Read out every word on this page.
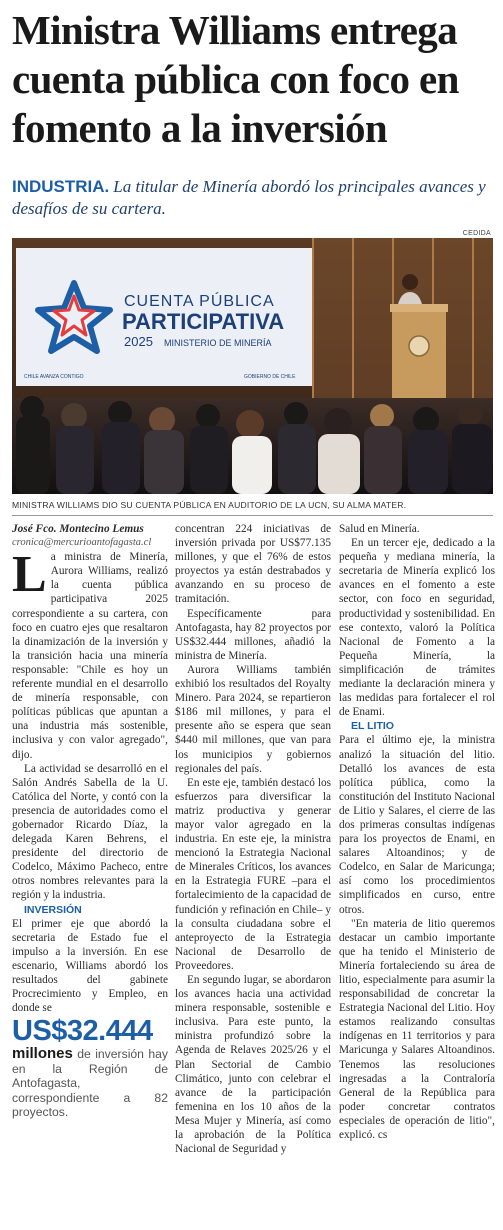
Ministra Williams entrega cuenta pública con foco en fomento a la inversión

INDUSTRIA. La titular de Minería abordó los principales avances y desafíos de su cartera.

CEDIDA
CUENTA PÚBLICA
PARTICIPATIVA
2025 MINISTERIO DE MINERÍA
CHILE AVANZA CONTIGO	GOBIERNO DE CHILE

MINISTRA WILLIAMS DIO SU CUENTA PÚBLICA EN AUDITORIO DE LA UCN, SU ALMA MATER.

José Fco. Montecino Lemus

cronica@mercurioantofagasta.cl

La ministra de Minería, Aurora Williams, realizó la cuenta pública participativa 2025 correspondiente a su cartera, con foco en cuatro ejes que resaltaron la dinamización de la inversión y la transición hacia una minería responsable: "Chile es hoy un referente mundial en el desarrollo de minería responsable, con políticas públicas que apuntan a una industria más sostenible, inclusiva y con valor agregado", dijo.

La actividad se desarrolló en el Salón Andrés Sabella de la U. Católica del Norte, y contó con la presencia de autoridades como el gobernador Ricardo Díaz, la delegada Karen Behrens, el presidente del directorio de Codelco, Máximo Pacheco, entre otros nombres relevantes para la región y la industria.

INVERSIÓN

El primer eje que abordó la secretaria de Estado fue el impulso a la inversión. En ese escenario, Williams abordó los resultados del gabinete Procrecimiento y Empleo, en donde se

US$32.444

millones de inversión hay en la Región de Antofagasta, correspondiente a 82 proyectos.

concentran 224 iniciativas de inversión privada por US$77.135 millones, y que el 76% de estos proyectos ya están destrabados y avanzando en su proceso de tramitación.

Específicamente para Antofagasta, hay 82 proyectos por US$32.444 millones, añadió la ministra de Minería.

Aurora Williams también exhibió los resultados del Royalty Minero. Para 2024, se repartieron $186 mil millones, y para el presente año se espera que sean $440 mil millones, que van para los municipios y gobiernos regionales del país.

En este eje, también destacó los esfuerzos para diversificar la matriz productiva y generar mayor valor agregado en la industria. En este eje, la ministra mencionó la Estrategia Nacional de Minerales Críticos, los avances en la Estrategia FURE –para el fortalecimiento de la capacidad de fundición y refinación en Chile– y la consulta ciudadana sobre el anteproyecto de la Estrategia Nacional de Desarrollo de Proveedores.

En segundo lugar, se abordaron los avances hacia una actividad minera responsable, sostenible e inclusiva. Para este punto, la ministra profundizó sobre la Agenda de Relaves 2025/26 y el Plan Sectorial de Cambio Climático, junto con celebrar el avance de la participación femenina en los 10 años de la Mesa Mujer y Minería, así como la aprobación de la Política Nacional de Seguridad y

Salud en Minería.

En un tercer eje, dedicado a la pequeña y mediana minería, la secretaria de Minería explicó los avances en el fomento a este sector, con foco en seguridad, productividad y sostenibilidad. En ese contexto, valoró la Política Nacional de Fomento a la Pequeña Minería, la simplificación de trámites mediante la declaración minera y las medidas para fortalecer el rol de Enami.

EL LITIO

Para el último eje, la ministra analizó la situación del litio. Detalló los avances de esta política pública, como la constitución del Instituto Nacional de Litio y Salares, el cierre de las dos primeras consultas indígenas para los proyectos de Enami, en salares Altoandinos; y de Codelco, en Salar de Maricunga; así como los procedimientos simplificados en curso, entre otros.

"En materia de litio queremos destacar un cambio importante que ha tenido el Ministerio de Minería fortaleciendo su área de litio, especialmente para asumir la responsabilidad de concretar la Estrategia Nacional del Litio. Hoy estamos realizando consultas indígenas en 11 territorios y para Maricunga y Salares Altoandinos. Tenemos las resoluciones ingresadas a la Contraloría General de la República para poder concretar contratos especiales de operación de litio", explicó. cs
